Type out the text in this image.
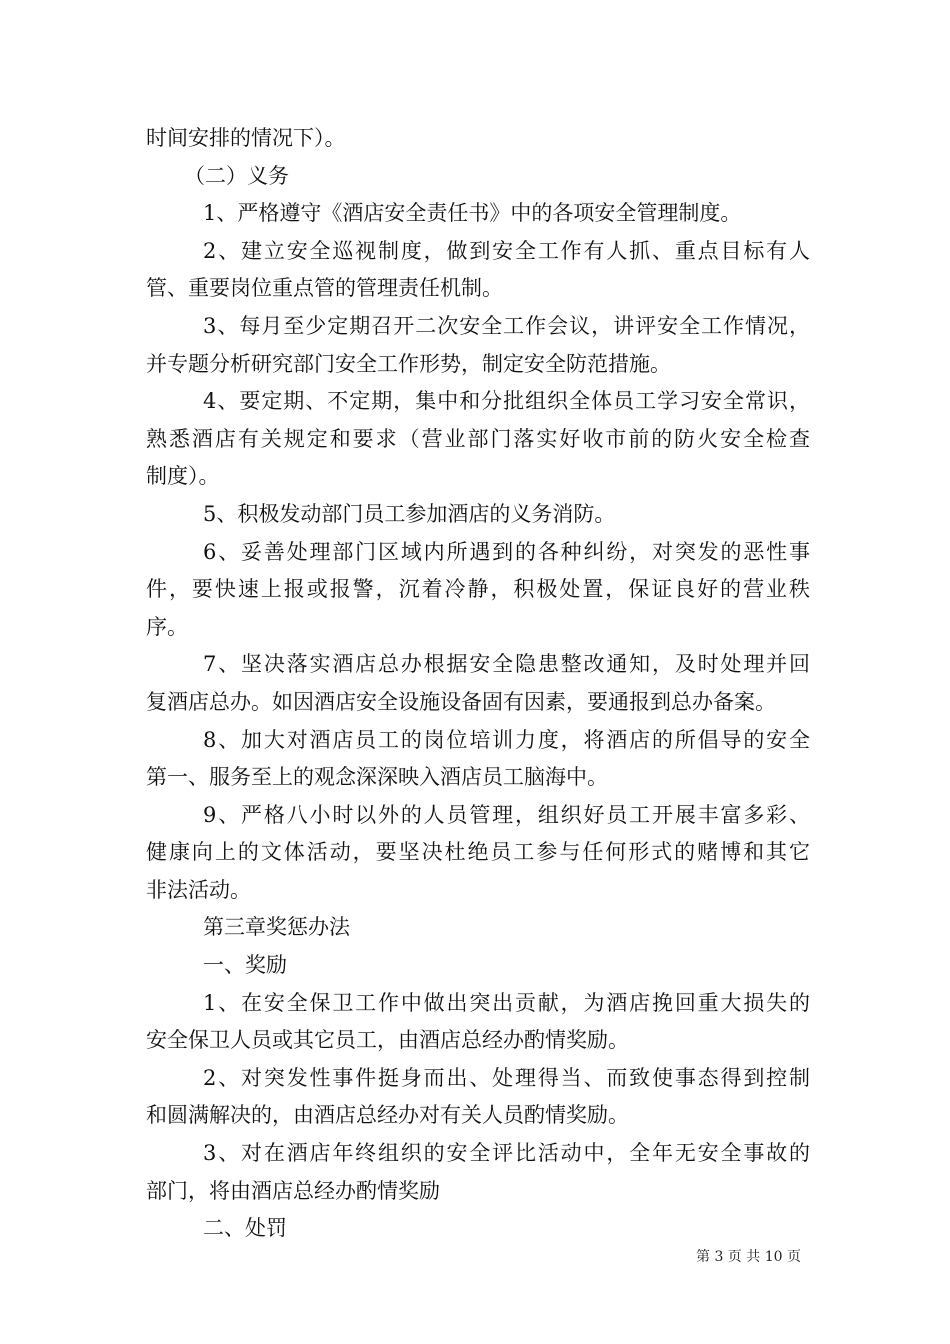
时间安排的情况下）。
（二）义务
1、严格遵守《酒店安全责任书》中的各项安全管理制度。
2、建立安全巡视制度，做到安全工作有人抓、重点目标有人
管、重要岗位重点管的管理责任机制。
3、每月至少定期召开二次安全工作会议，讲评安全工作情况，
并专题分析研究部门安全工作形势，制定安全防范措施。
4、要定期、不定期，集中和分批组织全体员工学习安全常识，
熟悉酒店有关规定和要求（营业部门落实好收市前的防火安全检查
制度）。
5、积极发动部门员工参加酒店的义务消防。
6、妥善处理部门区域内所遇到的各种纠纷，对突发的恶性事
件，要快速上报或报警，沉着冷静，积极处置，保证良好的营业秩
序。
7、坚决落实酒店总办根据安全隐患整改通知，及时处理并回
复酒店总办。如因酒店安全设施设备固有因素，要通报到总办备案。
8、加大对酒店员工的岗位培训力度，将酒店的所倡导的安全
第一、服务至上的观念深深映入酒店员工脑海中。
9、严格八小时以外的人员管理，组织好员工开展丰富多彩、
健康向上的文体活动，要坚决杜绝员工参与任何形式的赌博和其它
非法活动。
第三章奖惩办法
一、奖励
1、在安全保卫工作中做出突出贡献，为酒店挽回重大损失的
安全保卫人员或其它员工，由酒店总经办酌情奖励。
2、对突发性事件挺身而出、处理得当、而致使事态得到控制
和圆满解决的，由酒店总经办对有关人员酌情奖励。
3、对在酒店年终组织的安全评比活动中，全年无安全事故的
部门，将由酒店总经办酌情奖励
二、处罚
第 3 页 共 10 页
